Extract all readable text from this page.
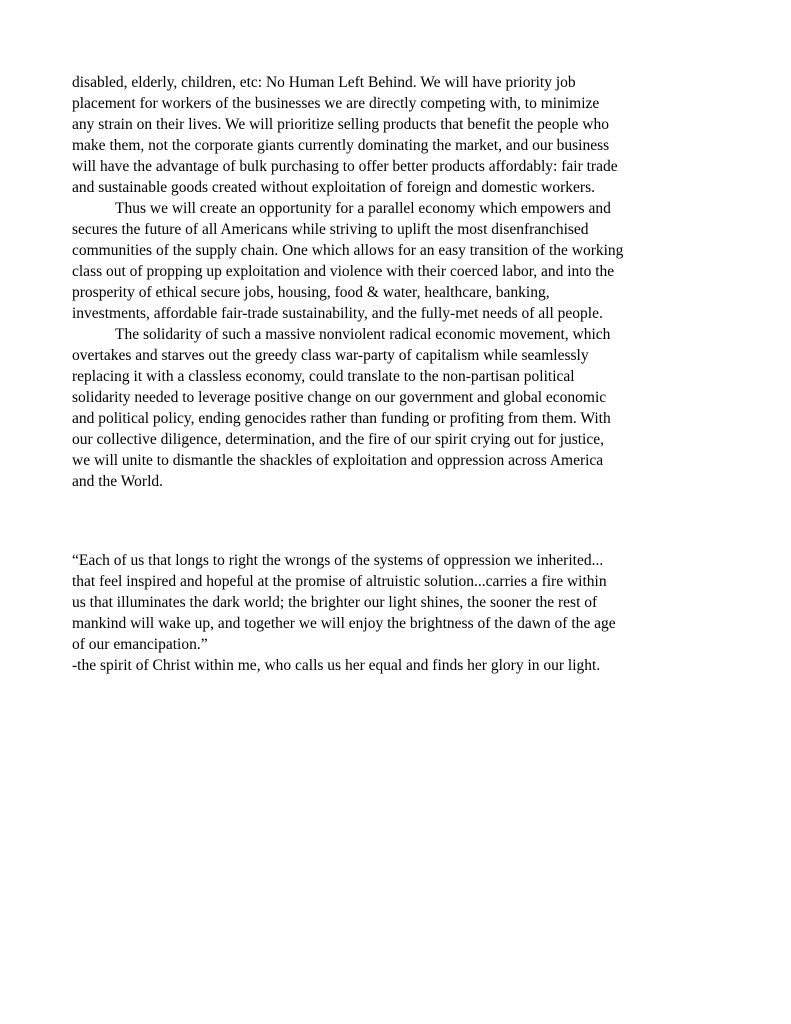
disabled, elderly, children, etc: No Human Left Behind. We will have priority job
placement for workers of the businesses we are directly competing with, to minimize
any strain on their lives. We will prioritize selling products that benefit the people who
make them, not the corporate giants currently dominating the market, and our business
will have the advantage of bulk purchasing to offer better products affordably: fair trade
and sustainable goods created without exploitation of foreign and domestic workers.
Thus we will create an opportunity for a parallel economy which empowers and
secures the future of all Americans while striving to uplift the most disenfranchised
communities of the supply chain. One which allows for an easy transition of the working
class out of propping up exploitation and violence with their coerced labor, and into the
prosperity of ethical secure jobs, housing, food & water, healthcare, banking,
investments, affordable fair-trade sustainability, and the fully-met needs of all people.
The solidarity of such a massive nonviolent radical economic movement, which
overtakes and starves out the greedy class war-party of capitalism while seamlessly
replacing it with a classless economy, could translate to the non-partisan political
solidarity needed to leverage positive change on our government and global economic
and political policy, ending genocides rather than funding or profiting from them. With
our collective diligence, determination, and the fire of our spirit crying out for justice,
we will unite to dismantle the shackles of exploitation and oppression across America
and the World.
“Each of us that longs to right the wrongs of the systems of oppression we inherited...
that feel inspired and hopeful at the promise of altruistic solution...carries a fire within
us that illuminates the dark world; the brighter our light shines, the sooner the rest of
mankind will wake up, and together we will enjoy the brightness of the dawn of the age
of our emancipation.”
-the spirit of Christ within me, who calls us her equal and finds her glory in our light.
